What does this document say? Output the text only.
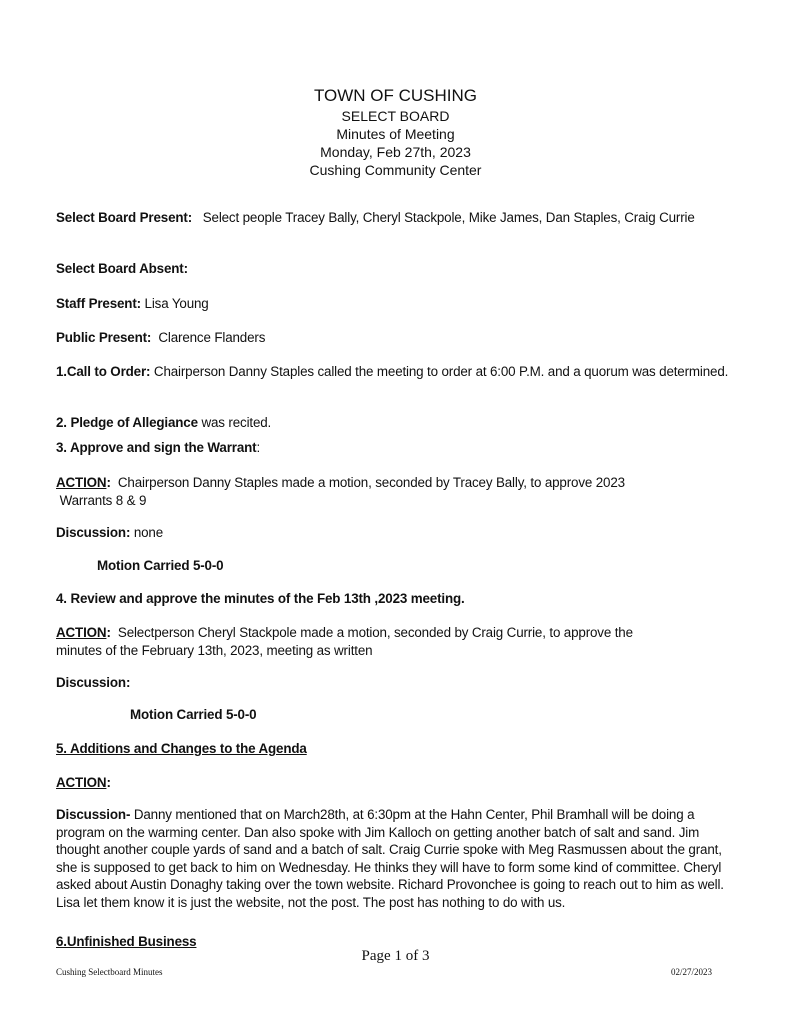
TOWN OF CUSHING
SELECT BOARD
Minutes of Meeting
Monday, Feb 27th, 2023
Cushing Community Center
Select Board Present: Select people Tracey Bally, Cheryl Stackpole, Mike James, Dan Staples, Craig Currie
Select Board Absent:
Staff Present: Lisa Young
Public Present: Clarence Flanders
1.Call to Order: Chairperson Danny Staples called the meeting to order at 6:00 P.M. and a quorum was determined.
2. Pledge of Allegiance was recited.
3. Approve and sign the Warrant:
ACTION: Chairperson Danny Staples made a motion, seconded by Tracey Bally, to approve 2023
Warrants 8 & 9
Discussion: none
Motion Carried 5-0-0
4. Review and approve the minutes of the Feb 13th ,2023 meeting.
ACTION: Selectperson Cheryl Stackpole made a motion, seconded by Craig Currie, to approve the
minutes of the February 13th, 2023, meeting as written
Discussion:
Motion Carried 5-0-0
5. Additions and Changes to the Agenda
ACTION:
Discussion- Danny mentioned that on March28th, at 6:30pm at the Hahn Center, Phil Bramhall will be doing a program on the warming center. Dan also spoke with Jim Kalloch on getting another batch of salt and sand. Jim thought another couple yards of sand and a batch of salt. Craig Currie spoke with Meg Rasmussen about the grant, she is supposed to get back to him on Wednesday. He thinks they will have to form some kind of committee. Cheryl asked about Austin Donaghy taking over the town website. Richard Provonchee is going to reach out to him as well. Lisa let them know it is just the website, not the post. The post has nothing to do with us.
6.Unfinished Business
Page 1 of 3
Cushing Selectboard Minutes	02/27/2023
